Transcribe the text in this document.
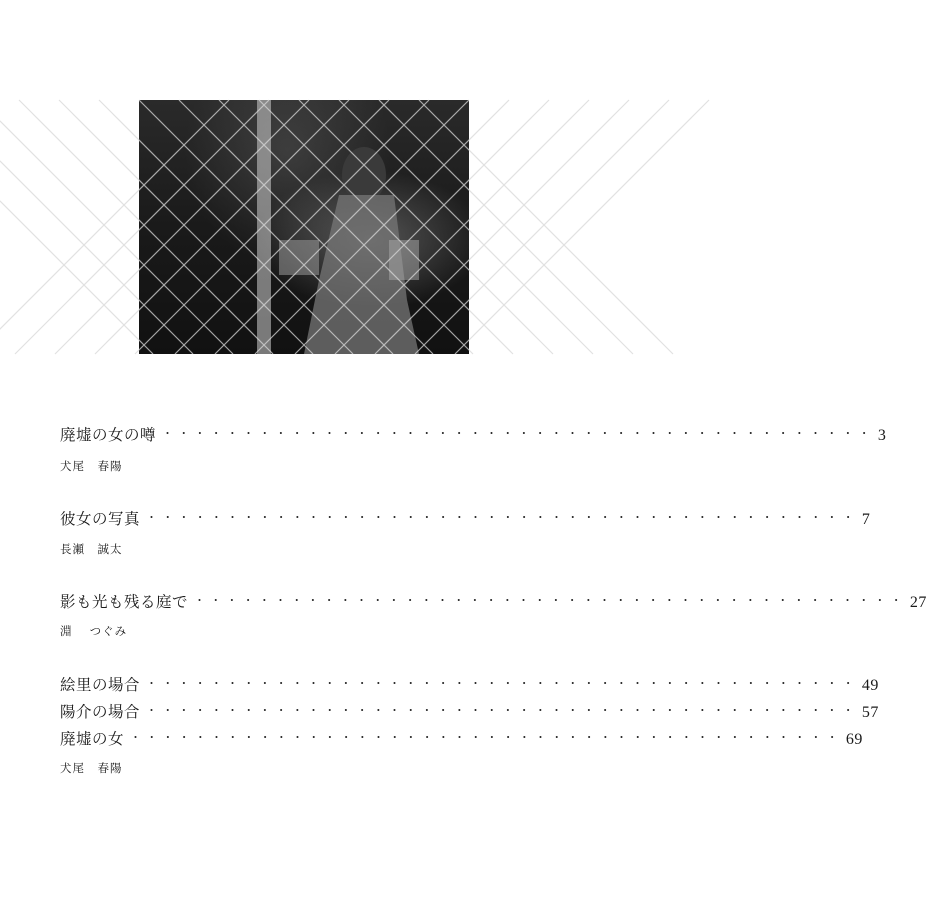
廃墟の女の噂 ・・・・・・・・・・・・・・・・・・・・・・・・・・・・・・・・・・・・・・・・・・・・ 3
犬尾　春陽
彼女の写真 ・・・・・・・・・・・・・・・・・・・・・・・・・・・・・・・・・・・・・・・・・・・・ 7
長瀬　誠太
影も光も残る庭で ・・・・・・・・・・・・・・・・・・・・・・・・・・・・・・・・・・・・・・・・・・・・ 27
淵　 つぐみ
絵里の場合 ・・・・・・・・・・・・・・・・・・・・・・・・・・・・・・・・・・・・・・・・・・・・ 49
陽介の場合 ・・・・・・・・・・・・・・・・・・・・・・・・・・・・・・・・・・・・・・・・・・・・ 57
廃墟の女 ・・・・・・・・・・・・・・・・・・・・・・・・・・・・・・・・・・・・・・・・・・・・ 69
犬尾　春陽
